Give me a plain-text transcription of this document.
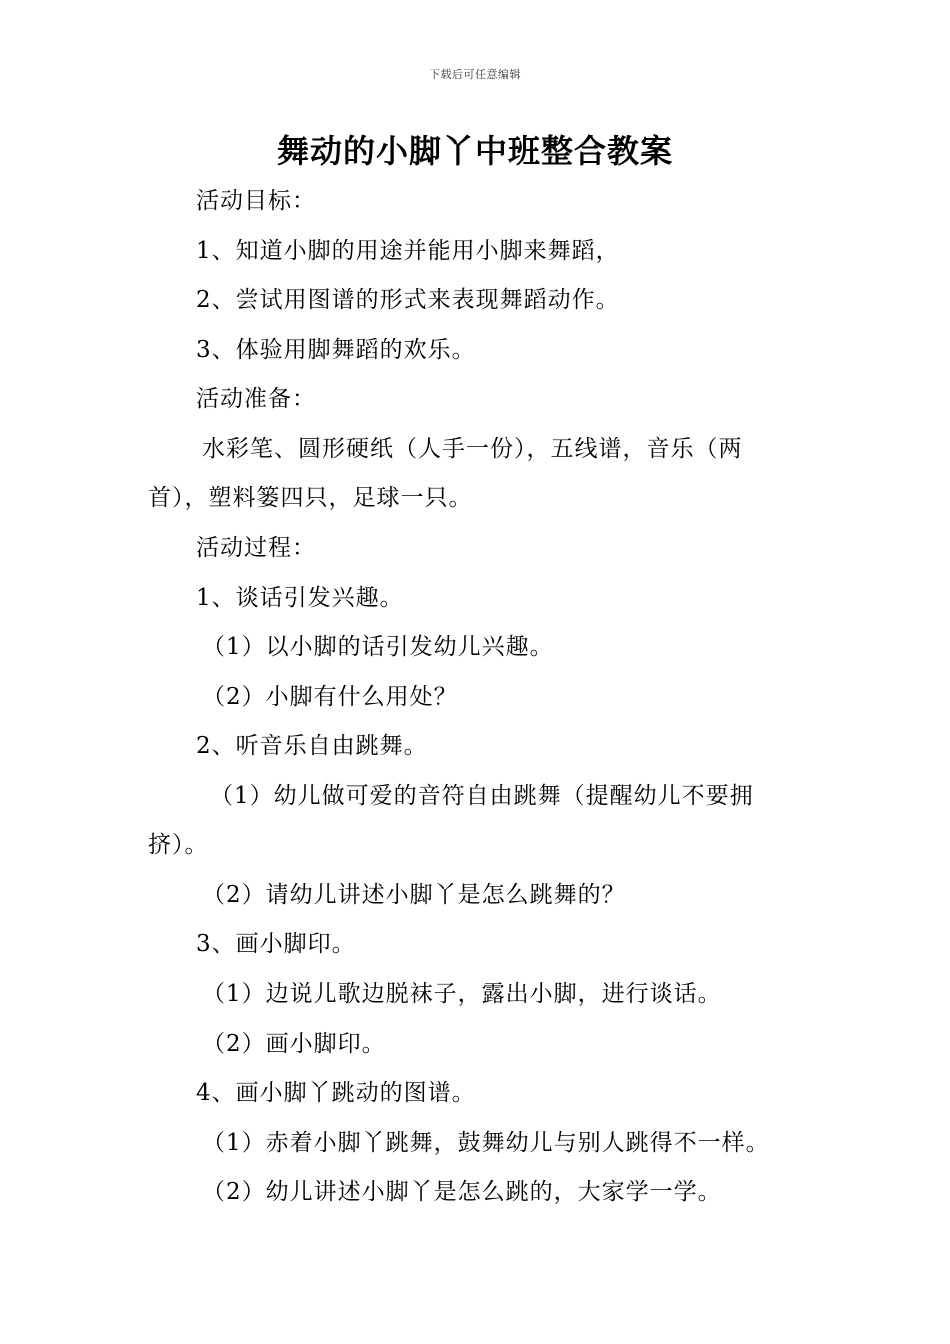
下载后可任意编辑
舞动的小脚丫中班整合教案
活动目标：
1、知道小脚的用途并能用小脚来舞蹈，
2、尝试用图谱的形式来表现舞蹈动作。
3、体验用脚舞蹈的欢乐。
活动准备：
水彩笔、圆形硬纸（人手一份），五线谱，音乐（两
首），塑料篓四只，足球一只。
活动过程：
1、谈话引发兴趣。
（1）以小脚的话引发幼儿兴趣。
（2）小脚有什么用处？
2、听音乐自由跳舞。
（1）幼儿做可爱的音符自由跳舞（提醒幼儿不要拥
挤）。
（2）请幼儿讲述小脚丫是怎么跳舞的？
3、画小脚印。
（1）边说儿歌边脱袜子，露出小脚，进行谈话。
（2）画小脚印。
4、画小脚丫跳动的图谱。
（1）赤着小脚丫跳舞，鼓舞幼儿与别人跳得不一样。
（2）幼儿讲述小脚丫是怎么跳的，大家学一学。
